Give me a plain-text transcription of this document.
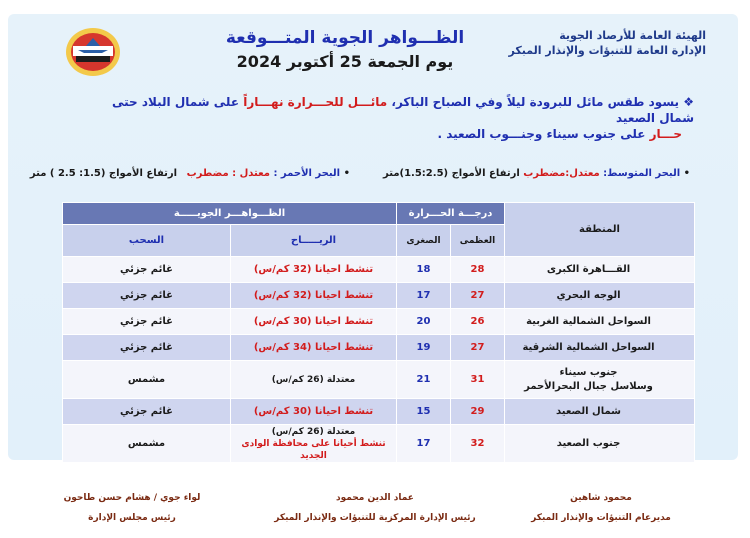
الهيئة العامة للأرصاد الجوية
الإدارة العامة للتنبؤات والإنذار المبكر
الظـــواهر الجوية المتـــوقعة
يوم الجمعة 25 أكتوبر 2024
❖ يسود طقس مائل للبرودة ليلاً وفي الصباح الباكر، مائـــل للحـــرارة نهـــاراً على شمال البلاد حتى شمال الصعيد
حـــار على جنوب سيناء وجنـــوب الصعيد .
• البحر المتوسط: معتدل:مضطرب ارتفاع الأمواج (1.5:2.5)متر
• البحر الأحمر : معتدل : مضطرب ارتفاع الأمواج (1.5: 2.5 ) متر
المنطقة	درجـــة الحـــرارة		الظـــواهـــر الجويـــــة	
	العظمى	الصغرى	الريـــــاح	السحب
القـــاهرة الكبرى	28	18	تنشط احيانا (32 كم/س)	غائم جزئي
الوجه البحري	27	17	تنشط احيانا (32 كم/س)	غائم جزئي
السواحل الشمالية الغربية	26	20	تنشط احيانا (30 كم/س)	غائم جزئي
السواحل الشمالية الشرقية	27	19	تنشط احيانا (34 كم/س)	غائم جزئي

جنوب سيناء
وسلاسل جبال البحرالأحمر	31	21	معتدلة (26 كم/س)	مشمس
شمال الصعيد	29	15	تنشط احيانا (30 كم/س)	غائم جزئي
جنوب الصعيد	32	17	معتدلة (26 كم/س)
تنشط أحيانا على محافظة الوادى الجديد	مشمس
محمود شاهين
مديرعام التنبؤات والإنذار المبكر
عماد الدين محمود
رئيس الإدارة المركزية للتنبؤات والإنذار المبكر
لواء جوي / هشام حسن طاحون
رئيس مجلس الإدارة
